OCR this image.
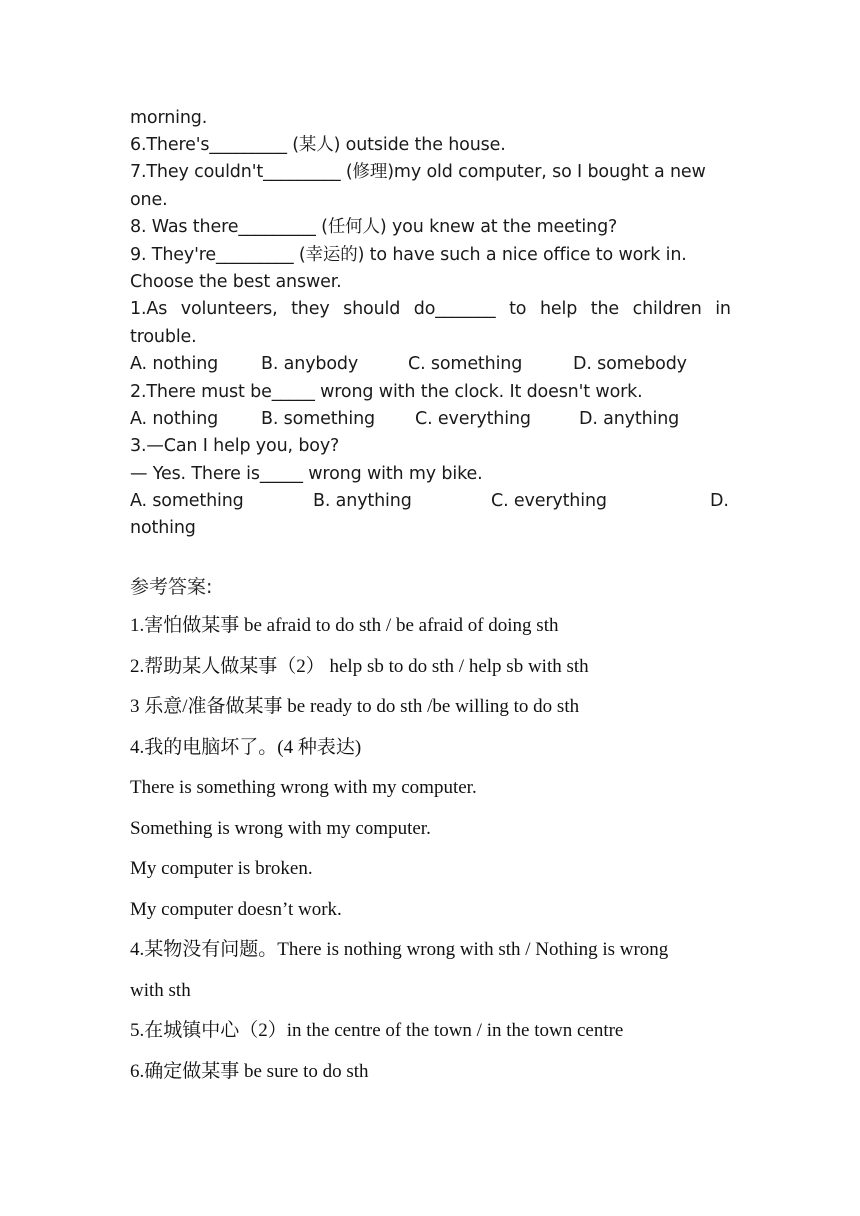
morning.
6.There's_________ (某人) outside the house.
7.They couldn't_________ (修理)my old computer, so I bought a new
one.
8. Was there_________ (任何人) you knew at the meeting?
9. They're_________ (幸运的) to have such a nice office to work in.
Choose the best answer.
1.As volunteers, they should do_______ to help the children in
trouble.
A. nothing B. anybody	C. something	D. somebody
2.There must be_____ wrong with the clock. It doesn't work.
A. nothing B. something C. everything	D. anything
3.—Can I help you, boy?
— Yes. There is_____ wrong with my bike.
A. something	B. anything	C. everything	D.
nothing
参考答案:
1.害怕做某事 be afraid to do sth / be afraid of doing sth
2.帮助某人做某事（2） help sb to do sth / help sb with sth
3 乐意/准备做某事 be ready to do sth /be willing to do sth
4.我的电脑坏了。(4 种表达)
There is something wrong with my computer.
Something is wrong with my computer.
My computer is broken.
My computer doesn’t work.
4.某物没有问题。There is nothing wrong with sth / Nothing is wrong
with sth
5.在城镇中心（2）in the centre of the town / in the town centre
6.确定做某事 be sure to do sth
